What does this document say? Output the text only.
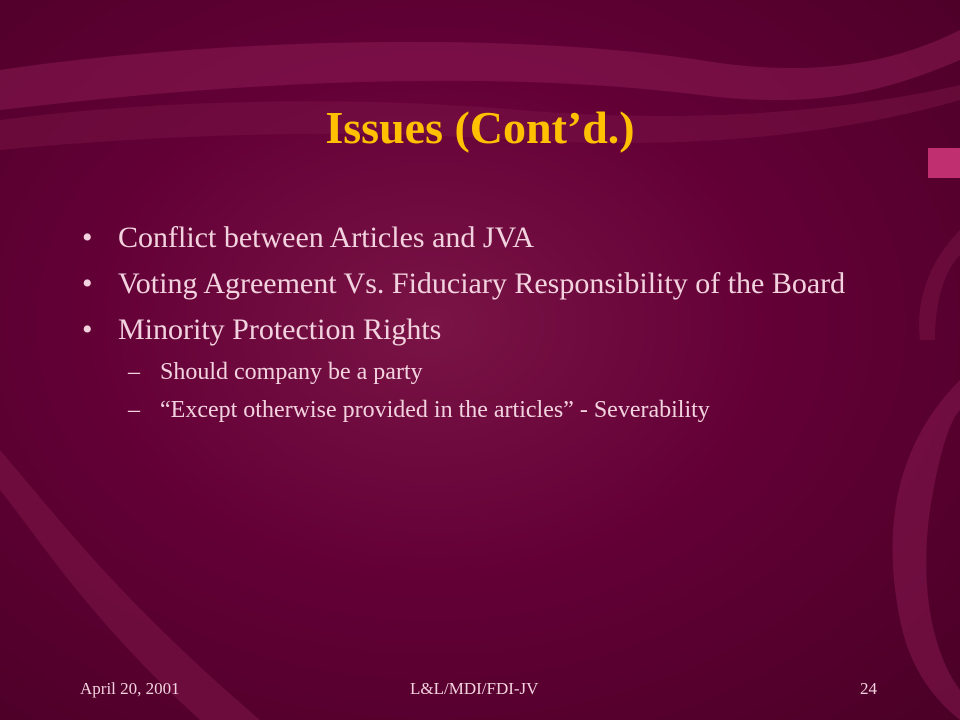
Issues (Cont’d.)
• Conflict between Articles and JVA
• Voting Agreement Vs. Fiduciary Responsibility of the Board
• Minority Protection Rights
– Should company be a party
– “Except otherwise provided in the articles” - Severability
April 20, 2001	L&L/MDI/FDI-JV	24
